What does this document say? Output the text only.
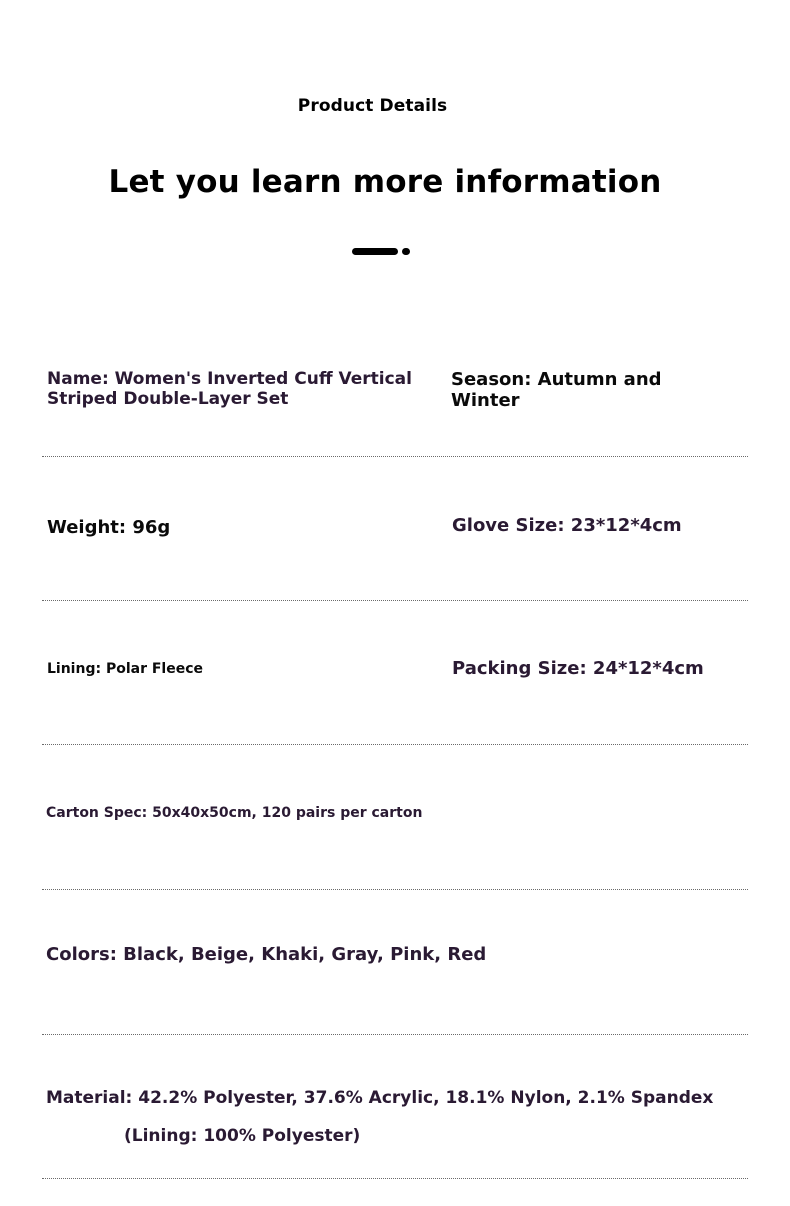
Product Details
Let you learn more information
Name: Women's Inverted Cuff Vertical Striped Double-Layer Set
Season: Autumn and Winter
Weight: 96g	Glove Size: 23*12*4cm
Lining: Polar Fleece	Packing Size: 24*12*4cm
Carton Spec: 50x40x50cm, 120 pairs per carton
Colors: Black, Beige, Khaki, Gray, Pink, Red
Material: 42.2% Polyester, 37.6% Acrylic, 18.1% Nylon, 2.1% Spandex
(Lining: 100% Polyester)
